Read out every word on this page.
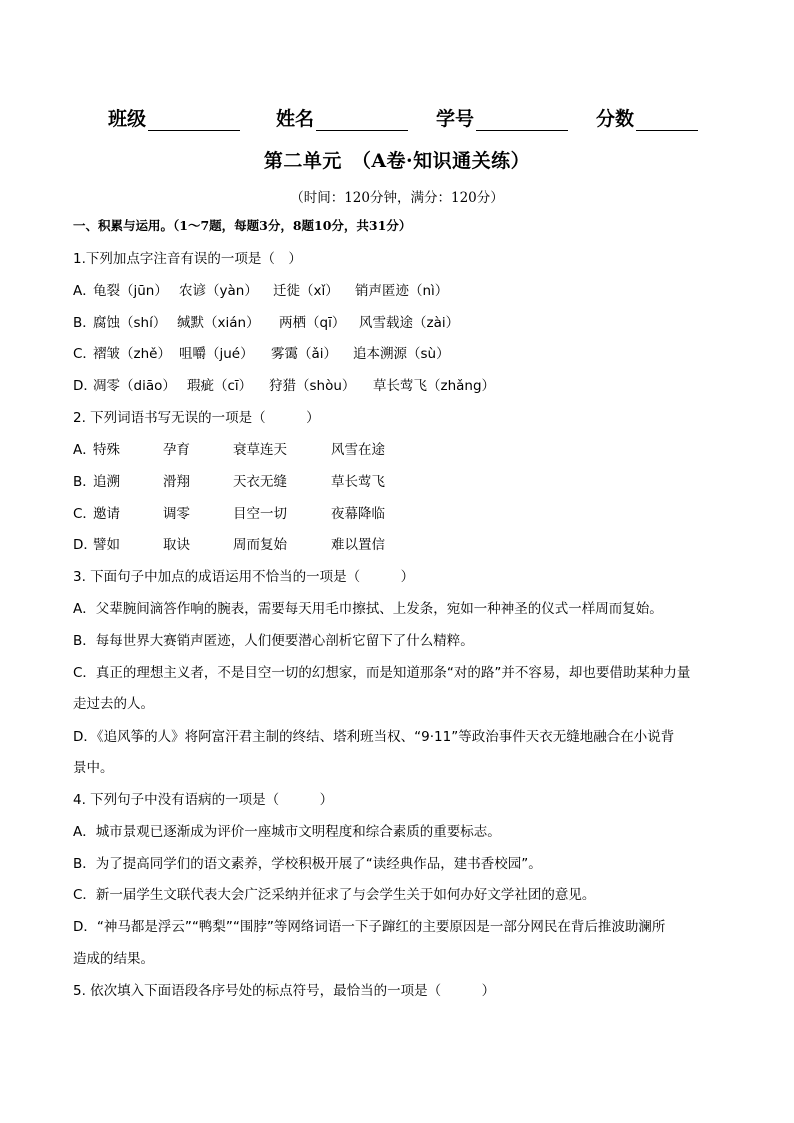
班级	姓名	学号	分数
第二单元　（A卷·知识通关练）
（时间：120分钟，满分：120分）
一、积累与运用。（1～7题，每题3分，8题10分，共31分）
1.下列加点字注音有误的一项是（　）
A．
龟裂（jūn） 农谚（yàn） 迁徙（xǐ） 销声匿迹（nì）
B．
腐蚀（shí） 缄默（xián） 两栖（qī） 风雪载途（zài）
C．
褶皱（zhě） 咀嚼（jué） 雾霭（ǎi） 追本溯源（sù）
D．
凋零（diāo） 瑕疵（cī） 狩猎（shòu） 草长莺飞（zhǎng）
2. 下列词语书写无误的一项是（　　　）
A．
特殊	孕育	衰草连天	风雪在途
B．
追溯	滑翔	天衣无缝	草长莺飞
C．
邀请	调零	目空一切	夜幕降临
D．
譬如	取诀	周而复始	难以置信
3. 下面句子中加点的成语运用不恰当的一项是（　　　）
A．父辈腕间滴答作响的腕表，需要每天用毛巾擦拭、上发条，宛如一种神圣的仪式一样周而复始。
B．每每世界大赛销声匿迹，人们便要潜心剖析它留下了什么精粹。
C．真正的理想主义者，不是目空一切的幻想家，而是知道那条“对的路”并不容易，却也要借助某种力量
走过去的人。
D．《追风筝的人》将阿富汗君主制的终结、塔利班当权、“9·11”等政治事件天衣无缝地融合在小说背
景中。
4. 下列句子中没有语病的一项是（　　　）
A．城市景观已逐渐成为评价一座城市文明程度和综合素质的重要标志。
B．为了提高同学们的语文素养，学校积极开展了“读经典作品，建书香校园”。
C．新一届学生文联代表大会广泛采纳并征求了与会学生关于如何办好文学社团的意见。
D．“神马都是浮云”“鸭梨”“围脖”等网络词语一下子蹿红的主要原因是一部分网民在背后推波助澜所
造成的结果。
5. 依次填入下面语段各序号处的标点符号，最恰当的一项是（　　　）
